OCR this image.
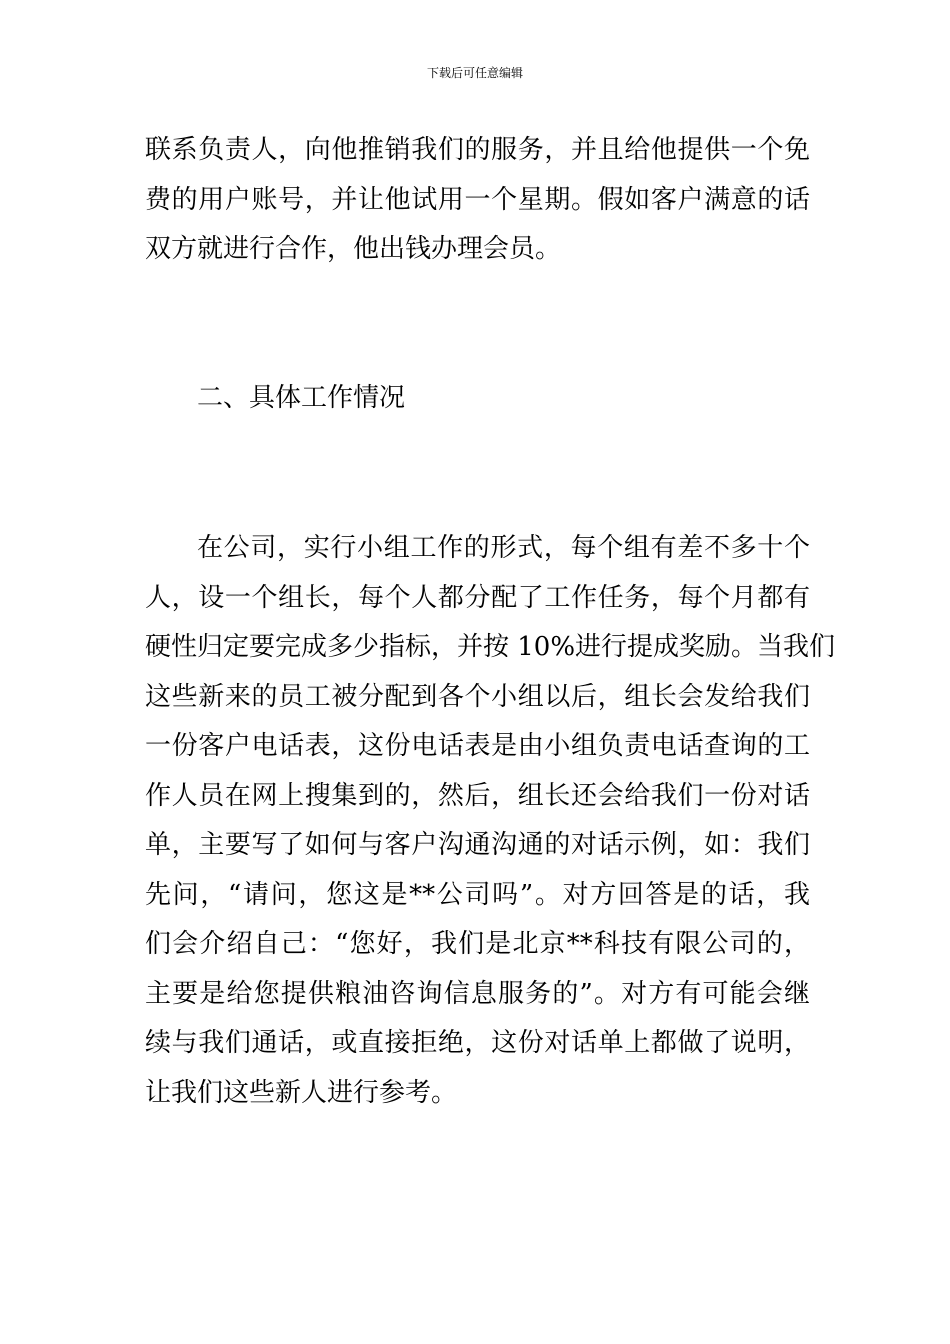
下载后可任意编辑
联系负责人，向他推销我们的服务，并且给他提供一个免
费的用户账号，并让他试用一个星期。假如客户满意的话
双方就进行合作，他出钱办理会员。
二、具体工作情况
在公司，实行小组工作的形式，每个组有差不多十个
人，设一个组长，每个人都分配了工作任务，每个月都有
硬性归定要完成多少指标，并按 10%进行提成奖励。当我们
这些新来的员工被分配到各个小组以后，组长会发给我们
一份客户电话表，这份电话表是由小组负责电话查询的工
作人员在网上搜集到的，然后，组长还会给我们一份对话
单，主要写了如何与客户沟通沟通的对话示例，如：我们
先问，“请问，您这是**公司吗”。对方回答是的话，我
们会介绍自己：“您好，我们是北京**科技有限公司的，
主要是给您提供粮油咨询信息服务的”。对方有可能会继
续与我们通话，或直接拒绝，这份对话单上都做了说明，
让我们这些新人进行参考。
